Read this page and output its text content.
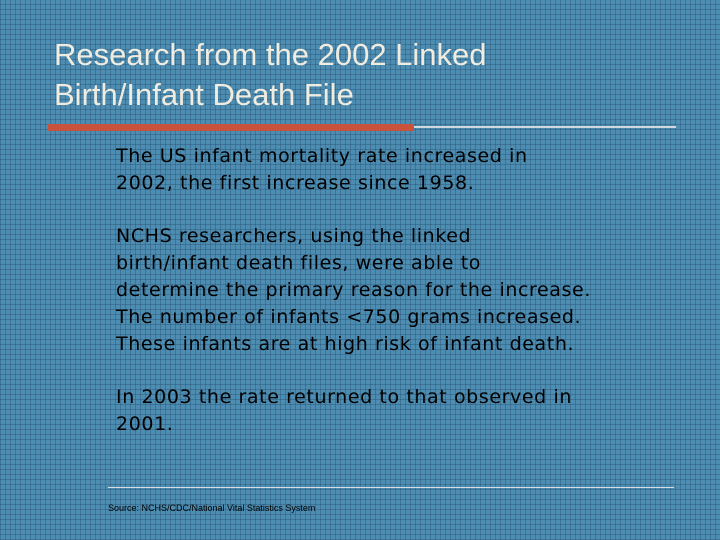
Research from the 2002 Linked
Birth/Infant Death File
The US infant mortality rate increased in
2002, the first increase since 1958.
NCHS researchers, using the linked
birth/infant death files, were able to
determine the primary reason for the increase.
The number of infants <750 grams increased.
These infants are at high risk of infant death.
In 2003 the rate returned to that observed in
2001.
Source: NCHS/CDC/National Vital Statistics System
